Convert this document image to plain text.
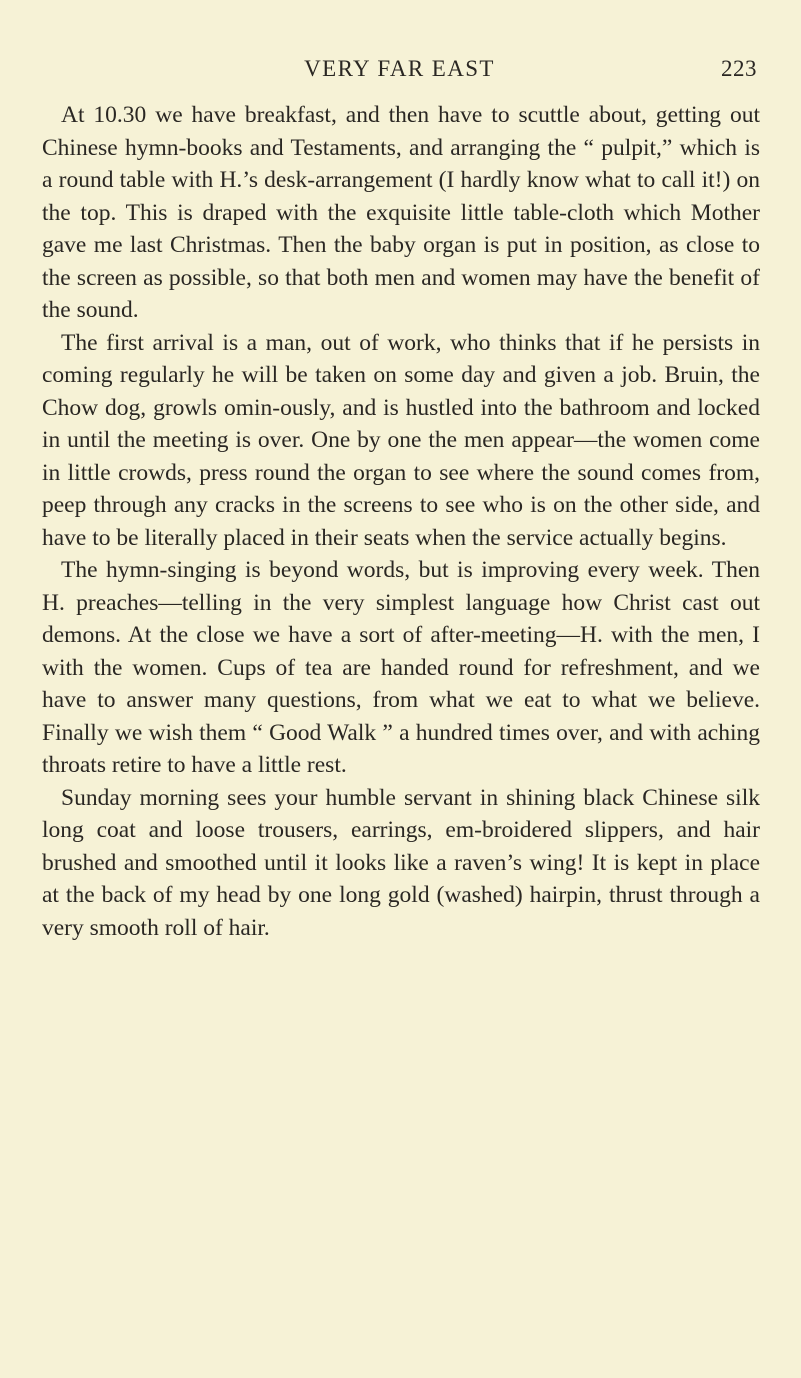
VERY FAR EAST	223

At 10.30 we have breakfast, and then have to scuttle about, getting out Chinese hymn-books and Testaments, and arranging the “ pulpit,” which is a round table with H.’s desk-arrangement (I hardly know what to call it!) on the top. This is draped with the exquisite little table-cloth which Mother gave me last Christmas. Then the baby organ is put in position, as close to the screen as possible, so that both men and women may have the benefit of the sound.

The first arrival is a man, out of work, who thinks that if he persists in coming regularly he will be taken on some day and given a job. Bruin, the Chow dog, growls omin-ously, and is hustled into the bathroom and locked in until the meeting is over. One by one the men appear—the women come in little crowds, press round the organ to see where the sound comes from, peep through any cracks in the screens to see who is on the other side, and have to be literally placed in their seats when the service actually begins.

The hymn-singing is beyond words, but is improving every week. Then H. preaches—telling in the very simplest language how Christ cast out demons. At the close we have a sort of after-meeting—H. with the men, I with the women. Cups of tea are handed round for refreshment, and we have to answer many questions, from what we eat to what we believe. Finally we wish them “ Good Walk ” a hundred times over, and with aching throats retire to have a little rest.

Sunday morning sees your humble servant in shining black Chinese silk long coat and loose trousers, earrings, em-broidered slippers, and hair brushed and smoothed until it looks like a raven’s wing! It is kept in place at the back of my head by one long gold (washed) hairpin, thrust through a very smooth roll of hair.
